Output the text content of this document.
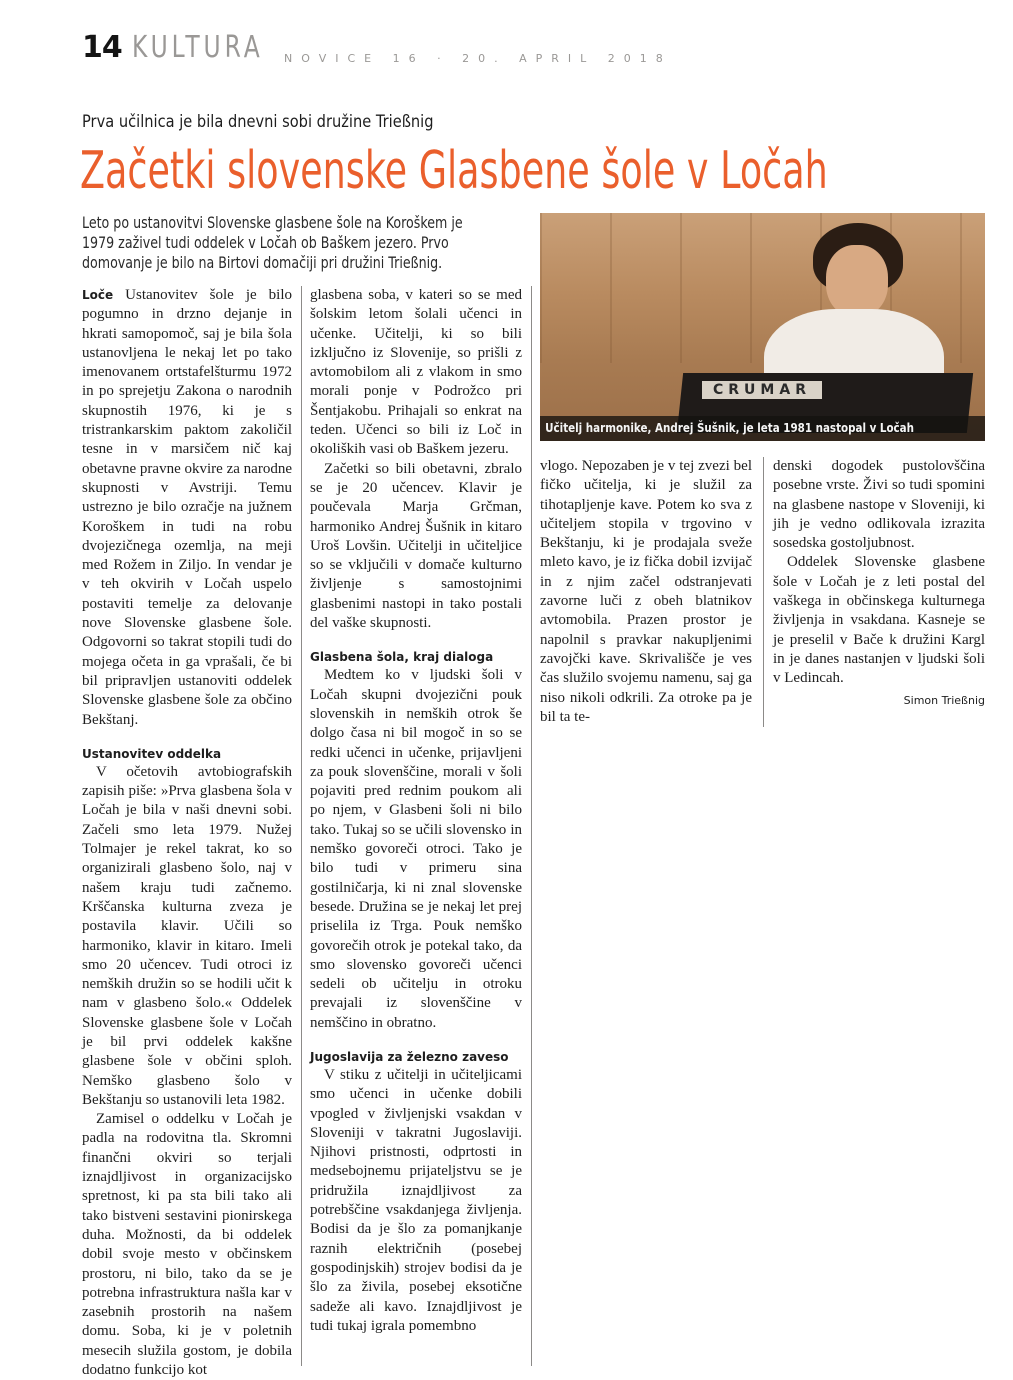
14 KULTURA NOVICE 16 · 20. APRIL 2018
Prva učilnica je bila dnevni sobi družine Trießnig
Začetki slovenske Glasbene šole v Ločah

Leto po ustanovitvi Slovenske glasbene šole na Koroškem je

1979 zaživel tudi oddelek v Ločah ob Baškem jezero. Prvo

domovanje je bilo na Birtovi domačiji pri družini Trießnig.

CRUMAR
Učitelj harmonike, Andrej Šušnik, je leta 1981 nastopal v Ločah

Loče Ustanovitev šole je bilo pogumno in drzno dejanje in hkrati samopomoč, saj je bila šola ustanovljena le nekaj let po tako imenovanem ortstafelšturmu 1972 in po sprejetju Zakona o narodnih skupnostih 1976, ki je s tristrankarskim paktom zakoličil tesne in v marsičem nič kaj obetavne pravne okvire za narodne skupnosti v Avstriji. Temu ustrezno je bilo ozračje na južnem Koroškem in tudi na robu dvojezičnega ozemlja, na meji med Rožem in Ziljo. In vendar je v teh okvirih v Ločah uspelo postaviti temelje za delovanje nove Slovenske glasbene šole. Odgovorni so takrat stopili tudi do mojega očeta in ga vprašali, če bi bil pripravljen ustanoviti oddelek Slovenske glasbene šole za občino Bekštanj.

Ustanovitev oddelka

V očetovih avtobiografskih zapisih piše: »Prva glasbena šola v Ločah je bila v naši dnevni sobi. Začeli smo leta 1979. Nužej Tolmajer je rekel takrat, ko so organizirali glasbeno šolo, naj v našem kraju tudi začnemo. Krščanska kulturna zveza je postavila klavir. Učili so harmoniko, klavir in kitaro. Imeli smo 20 učencev. Tudi otroci iz nemških družin so se hodili učit k nam v glasbeno šolo.« Oddelek Slovenske glasbene šole v Ločah je bil prvi oddelek kakšne glasbene šole v občini sploh. Nemško glasbeno šolo v Bekštanju so ustanovili leta 1982.

Zamisel o oddelku v Ločah je padla na rodovitna tla. Skromni finančni okviri so terjali iznajdljivost in organizacijsko spretnost, ki pa sta bili tako ali tako bistveni sestavini pionirskega duha. Možnosti, da bi oddelek dobil svoje mesto v občinskem prostoru, ni bilo, tako da se je potrebna infrastruktura našla kar v zasebnih prostorih na našem domu. Soba, ki je v poletnih mesecih služila gostom, je dobila dodatno funkcijo kot

glasbena soba, v kateri so se med šolskim letom šolali učenci in učenke. Učitelji, ki so bili izključno iz Slovenije, so prišli z avtomobilom ali z vlakom in smo morali ponje v Podrožco pri Šentjakobu. Prihajali so enkrat na teden. Učenci so bili iz Loč in okoliških vasi ob Baškem jezeru.

Začetki so bili obetavni, zbralo se je 20 učencev. Klavir je poučevala Marja Grčman, harmoniko Andrej Šušnik in kitaro Uroš Lovšin. Učitelji in učiteljice so se vključili v domače kulturno življenje s samostojnimi glasbenimi nastopi in tako postali del vaške skupnosti.

Glasbena šola, kraj dialoga

Medtem ko v ljudski šoli v Ločah skupni dvojezični pouk slovenskih in nemških otrok še dolgo časa ni bil mogoč in so se redki učenci in učenke, prijavljeni za pouk slovenščine, morali v šoli pojaviti pred rednim poukom ali po njem, v Glasbeni šoli ni bilo tako. Tukaj so se učili slovensko in nemško govoreči otroci. Tako je bilo tudi v primeru sina gostilničarja, ki ni znal slovenske besede. Družina se je nekaj let prej priselila iz Trga. Pouk nemško govorečih otrok je potekal tako, da smo slovensko govoreči učenci sedeli ob učitelju in otroku prevajali iz slovenščine v nemščino in obratno.

Jugoslavija za železno zaveso

V stiku z učitelji in učiteljicami smo učenci in učenke dobili vpogled v življenjski vsakdan v Sloveniji v takratni Jugoslaviji. Njihovi pristnosti, odprtosti in medsebojnemu prijateljstvu se je pridružila iznajdljivost za potrebščine vsakdanjega življenja. Bodisi da je šlo za pomanjkanje raznih električnih (posebej gospodinjskih) strojev bodisi da je šlo za živila, posebej eksotične sadeže ali kavo. Iznajdljivost je tudi tukaj igrala pomembno

vlogo. Nepozaben je v tej zvezi bel fičko učitelja, ki je služil za tihotapljenje kave. Potem ko sva z učiteljem stopila v trgovino v Bekštanju, ki je prodajala sveže mleto kavo, je iz fička dobil izvijač in z njim začel odstranjevati zavorne luči z obeh blatnikov avtomobila. Prazen prostor je napolnil s pravkar nakupljenimi zavojčki kave. Skrivališče je ves čas služilo svojemu namenu, saj ga niso nikoli odkrili. Za otroke pa je bil ta te-

denski dogodek pustolovščina posebne vrste. Živi so tudi spomini na glasbene nastope v Sloveniji, ki jih je vedno odlikovala izrazita sosedska gostoljubnost.

Oddelek Slovenske glasbene šole v Ločah je z leti postal del vaškega in občinskega kulturnega življenja in vsakdana. Kasneje se je preselil v Bače k družini Kargl in je danes nastanjen v ljudski šoli v Ledincah.

Simon Trießnig
